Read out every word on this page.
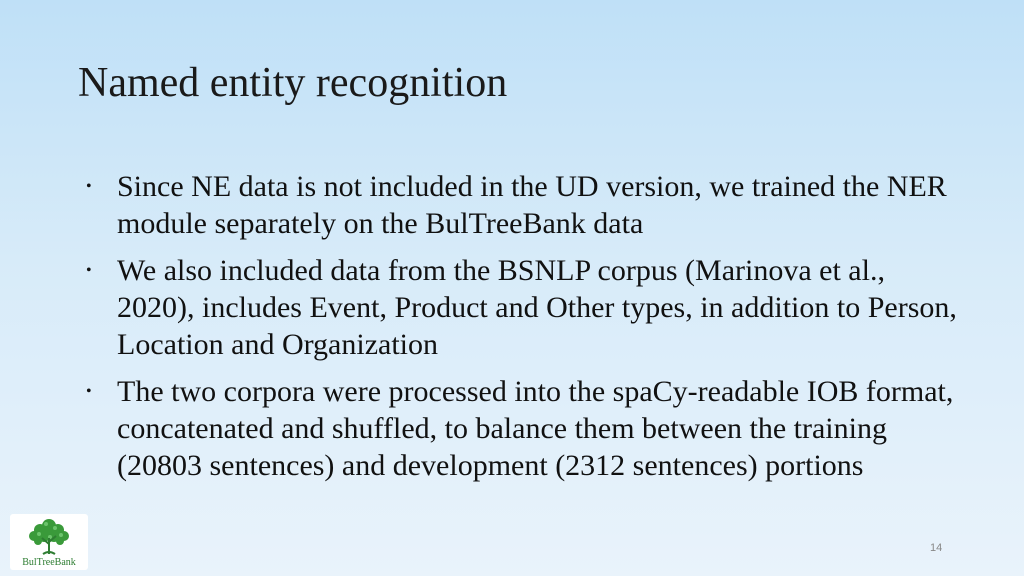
Named entity recognition
• Since NE data is not included in the UD version, we trained the NER module separately on the BulTreeBank data
• We also included data from the BSNLP corpus (Marinova et al., 2020), includes Event, Product and Other types, in addition to Person, Location and Organization
• The two corpora were processed into the spaCy-readable IOB format, concatenated and shuffled, to balance them between the training (20803 sentences) and development (2312 sentences) portions
BulTreeBank
14
